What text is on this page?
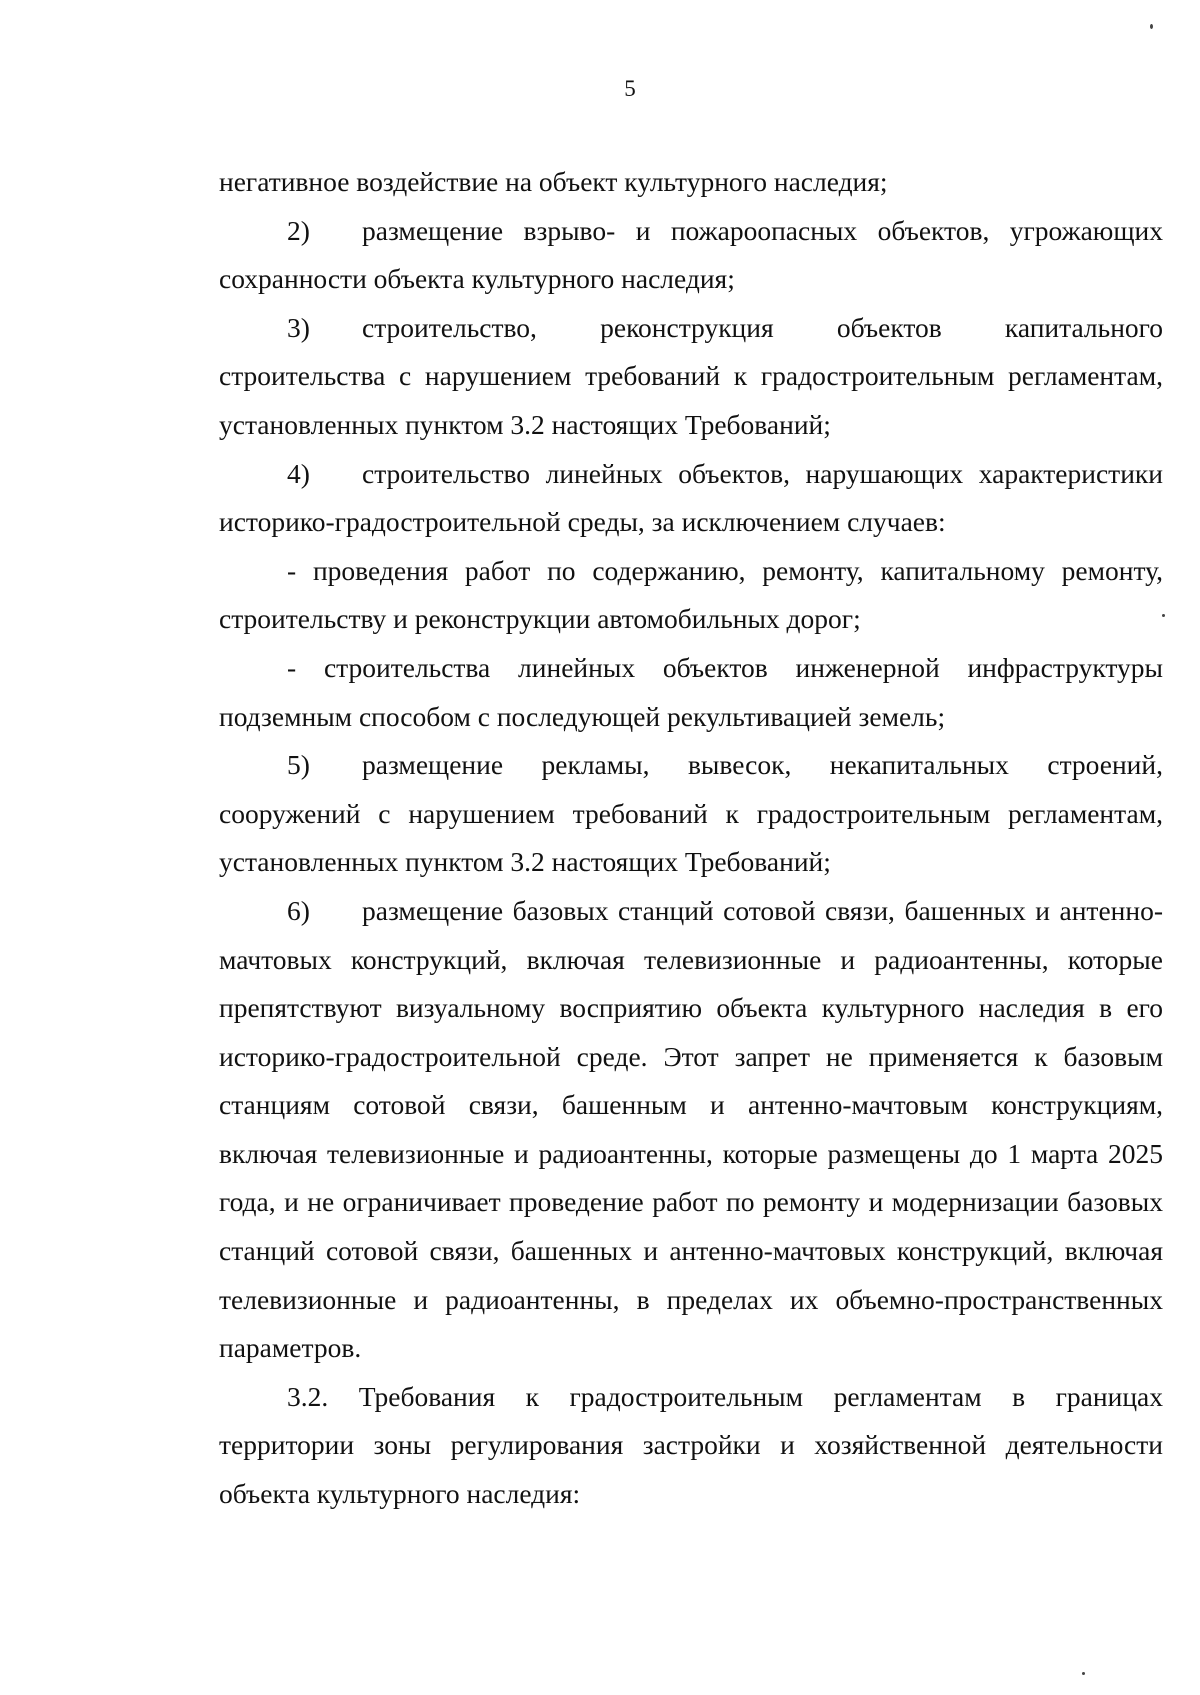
5

негативное воздействие на объект культурного наследия;

2) размещение взрыво- и пожароопасных объектов, угрожающих сохранности объекта культурного наследия;

3) строительство, реконструкция объектов капитального строительства с нарушением требований к градостроительным регламентам, установленных пунктом 3.2 настоящих Требований;

4) строительство линейных объектов, нарушающих характеристики историко-градостроительной среды, за исключением случаев:

- проведения работ по содержанию, ремонту, капитальному ремонту, строительству и реконструкции автомобильных дорог;

- строительства линейных объектов инженерной инфраструктуры подземным способом с последующей рекультивацией земель;

5) размещение рекламы, вывесок, некапитальных строений, сооружений с нарушением требований к градостроительным регламентам, установленных пунктом 3.2 настоящих Требований;

6) размещение базовых станций сотовой связи, башенных и антенно-мачтовых конструкций, включая телевизионные и радиоантенны, которые препятствуют визуальному восприятию объекта культурного наследия в его историко-градостроительной среде. Этот запрет не применяется к базовым станциям сотовой связи, башенным и антенно-мачтовым конструкциям, включая телевизионные и радиоантенны, которые размещены до 1 марта 2025 года, и не ограничивает проведение работ по ремонту и модернизации базовых станций сотовой связи, башенных и антенно-мачтовых конструкций, включая телевизионные и радиоантенны, в пределах их объемно-пространственных параметров.

3.2. Требования к градостроительным регламентам в границах территории зоны регулирования застройки и хозяйственной деятельности объекта культурного наследия:
